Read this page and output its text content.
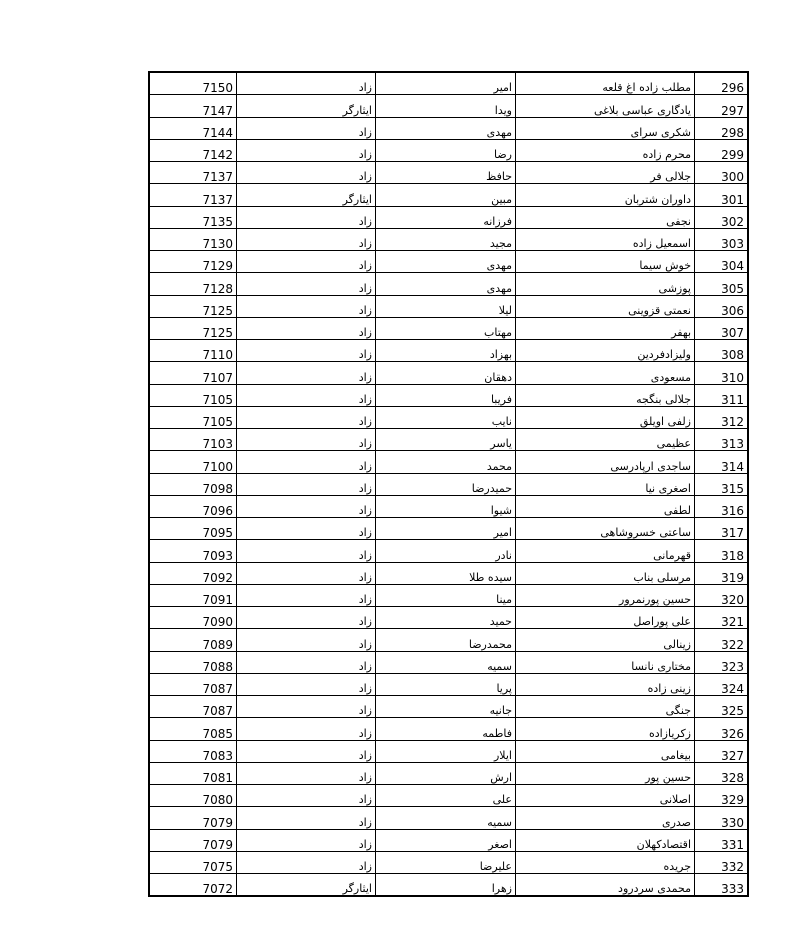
7150	زاد	امیر	مطلب زاده اغ قلعه	296
7147	ایثارگر	ویدا	یادگاری عباسی بلاغی	297
7144	زاد	مهدی	شکری سرای	298
7142	زاد	رضا	محرم زاده	299
7137	زاد	حافظ	جلالی فر	300
7137	ایثارگر	مبین	داوران شتربان	301
7135	زاد	فرزانه	نجفی	302
7130	زاد	مجید	اسمعیل زاده	303
7129	زاد	مهدی	خوش سیما	304
7128	زاد	مهدی	پوزشی	305
7125	زاد	لیلا	نعمتی قزوینی	306
7125	زاد	مهتاب	بهفر	307
7110	زاد	بهزاد	ولیزادفردین	308
7107	زاد	دهقان	مسعودی	310
7105	زاد	فریبا	جلالی بنگجه	311
7105	زاد	نایب	زلفی اویلق	312
7103	زاد	یاسر	عظیمی	313
7100	زاد	محمد	ساجدی ارپادرسی	314
7098	زاد	حمیدرضا	اصغری نیا	315
7096	زاد	شیوا	لطفی	316
7095	زاد	امیر	ساعتی خسروشاهی	317
7093	زاد	نادر	قهرمانی	318
7092	زاد	سیده طلا	مرسلی بناب	319
7091	زاد	مینا	حسین پورنمرور	320
7090	زاد	حمید	علی پوراصل	321
7089	زاد	محمدرضا	زینالی	322
7088	زاد	سمیه	مختاری نانسا	323
7087	زاد	پریا	زینی زاده	324
7087	زاد	جانیه	جنگی	325
7085	زاد	فاطمه	زکریازاده	326
7083	زاد	ایلار	بیغامی	327
7081	زاد	ارش	حسین پور	328
7080	زاد	علی	اصلانی	329
7079	زاد	سمیه	صدری	330
7079	زاد	اصغر	اقتصادکهلان	331
7075	زاد	علیرضا	جریده	332
7072	ایثارگر	زهرا	محمدی سردرود	333
